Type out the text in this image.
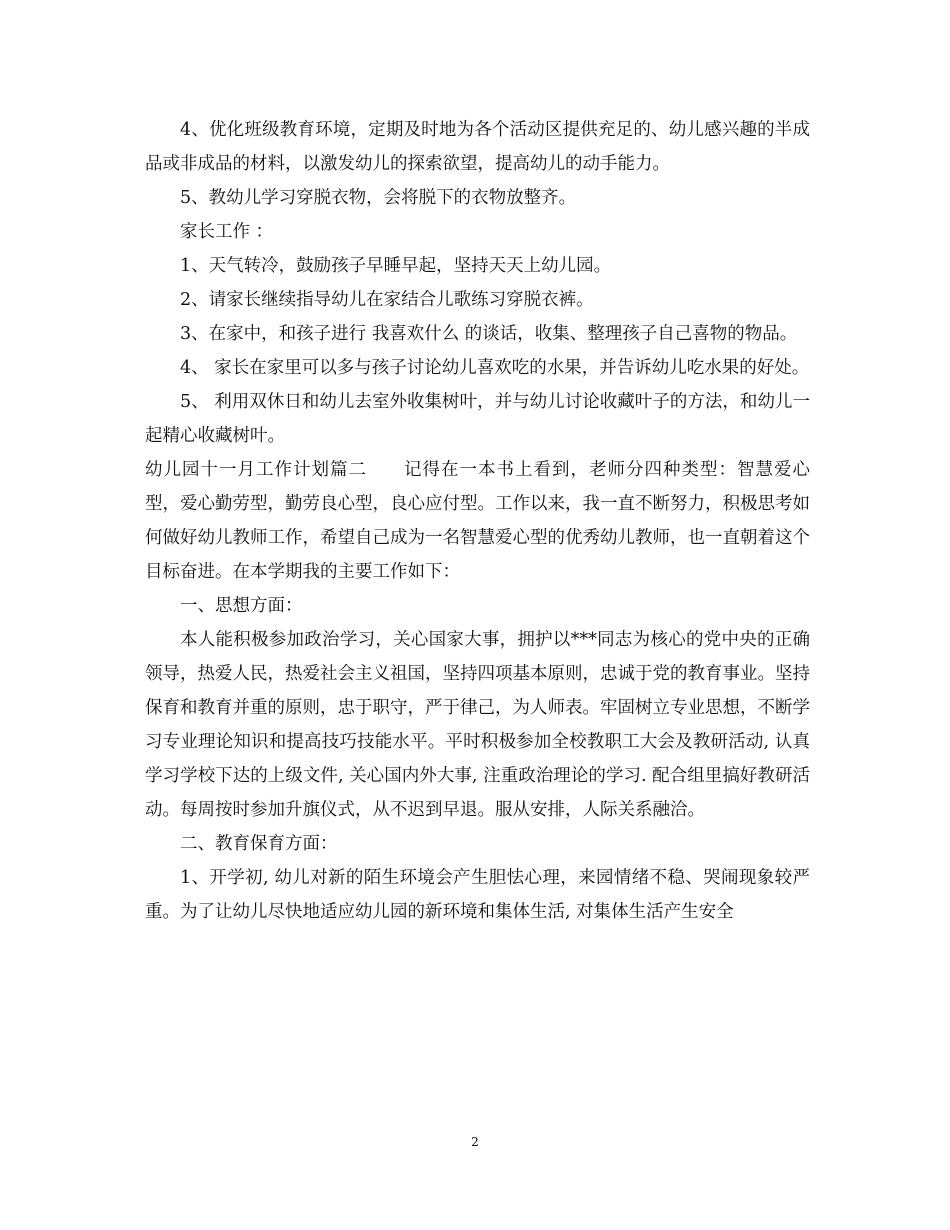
4、优化班级教育环境，定期及时地为各个活动区提供充足的、幼儿感兴趣的半成品或非成品的材料，以激发幼儿的探索欲望，提高幼儿的动手能力。

5、教幼儿学习穿脱衣物，会将脱下的衣物放整齐。

家长工作 ：

1、天气转冷，鼓励孩子早睡早起，坚持天天上幼儿园。

2、请家长继续指导幼儿在家结合儿歌练习穿脱衣裤。

3、在家中，和孩子进行 我喜欢什么 的谈话，收集、整理孩子自己喜物的物品。

4、 家长在家里可以多与孩子讨论幼儿喜欢吃的水果，并告诉幼儿吃水果的好处。

5、 利用双休日和幼儿去室外收集树叶，并与幼儿讨论收藏叶子的方法，和幼儿一起精心收藏树叶。

幼儿园十一月工作计划篇二 记得在一本书上看到，老师分四种类型：智慧爱心型，爱心勤劳型，勤劳良心型，良心应付型。工作以来，我一直不断努力，积极思考如何做好幼儿教师工作，希望自己成为一名智慧爱心型的优秀幼儿教师，也一直朝着这个目标奋进。在本学期我的主要工作如下：

一、思想方面：

本人能积极参加政治学习，关心国家大事，拥护以***同志为核心的党中央的正确领导，热爱人民，热爱社会主义祖国，坚持四项基本原则，忠诚于党的教育事业。坚持保育和教育并重的原则，忠于职守，严于律己，为人师表。牢固树立专业思想，不断学习专业理论知识和提高技巧技能水平。平时积极参加全校教职工大会及教研活动, 认真学习学校下达的上级文件, 关心国内外大事, 注重政治理论的学习. 配合组里搞好教研活动。每周按时参加升旗仪式，从不迟到早退。服从安排，人际关系融洽。

二、教育保育方面：

1、开学初, 幼儿对新的陌生环境会产生胆怯心理，来园情绪不稳、哭闹现象较严重。为了让幼儿尽快地适应幼儿园的新环境和集体生活, 对集体生活产生安全

2
